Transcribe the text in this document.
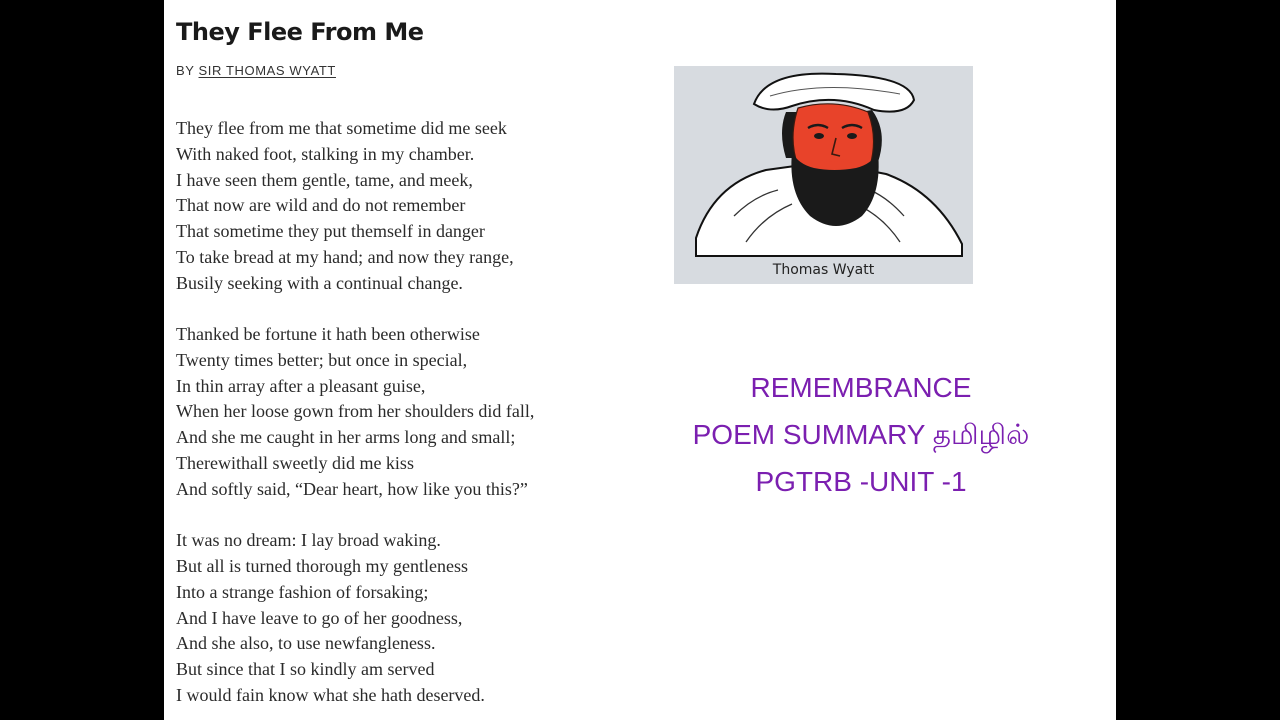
They Flee From Me
BY SIR THOMAS WYATT
They flee from me that sometime did me seek
With naked foot, stalking in my chamber.
I have seen them gentle, tame, and meek,
That now are wild and do not remember
That sometime they put themself in danger
To take bread at my hand; and now they range,
Busily seeking with a continual change.
Thanked be fortune it hath been otherwise
Twenty times better; but once in special,
In thin array after a pleasant guise,
When her loose gown from her shoulders did fall,
And she me caught in her arms long and small;
Therewithall sweetly did me kiss
And softly said, “Dear heart, how like you this?”
It was no dream: I lay broad waking.
But all is turned thorough my gentleness
Into a strange fashion of forsaking;
And I have leave to go of her goodness,
And she also, to use newfangleness.
But since that I so kindly am served
I would fain know what she hath deserved.
Thomas Wyatt
REMEMBRANCE
POEM SUMMARY தமிழில்
PGTRB -UNIT -1
